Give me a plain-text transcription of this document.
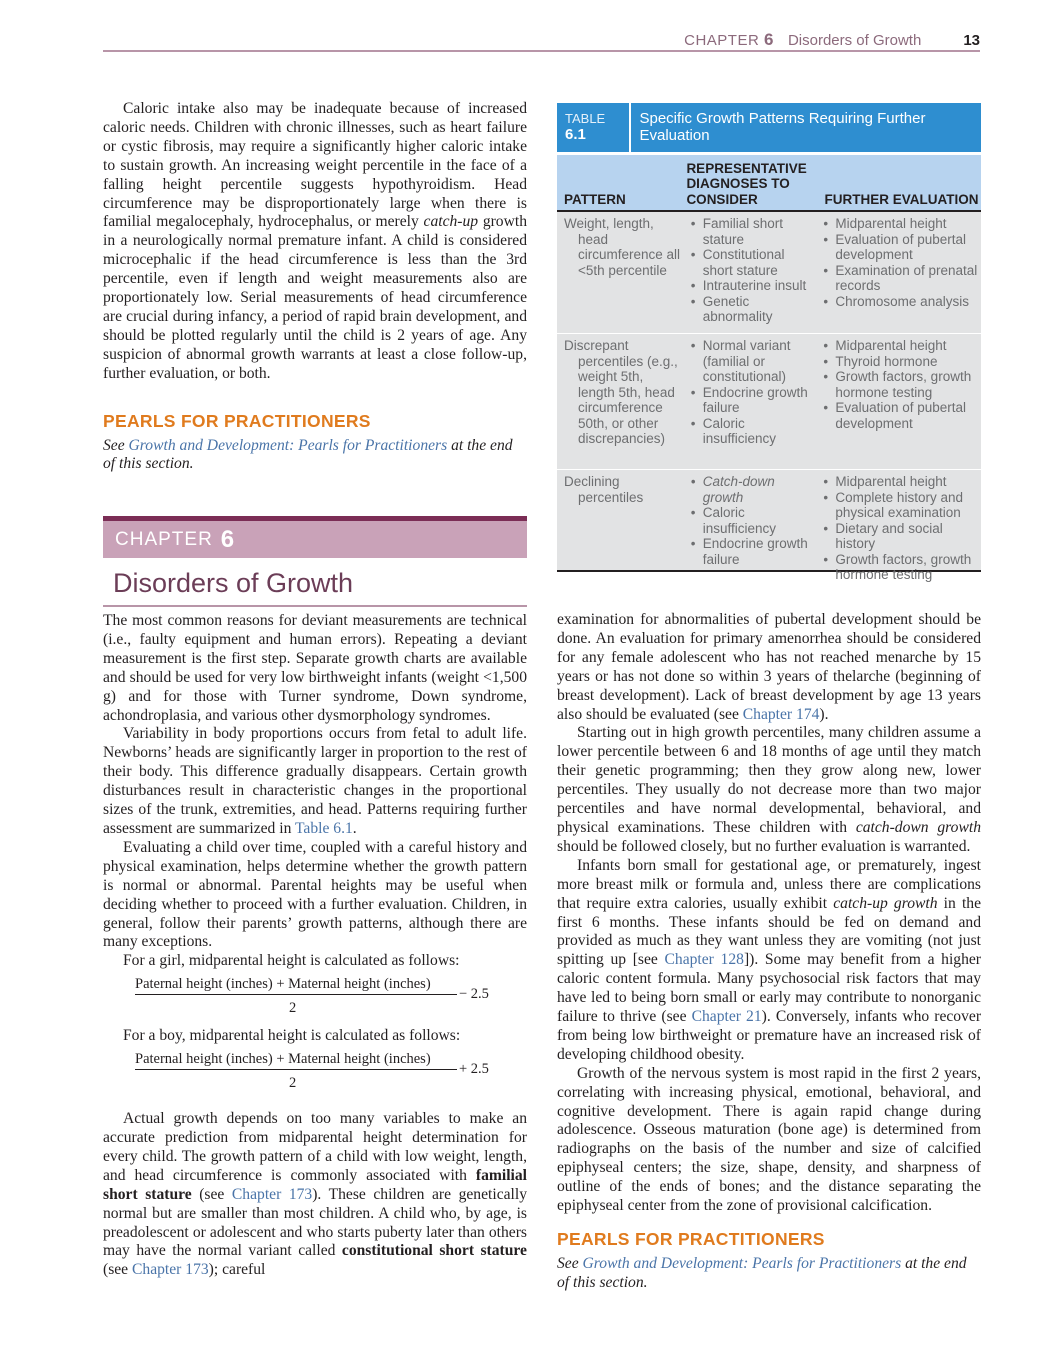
CHAPTER 6 Disorders of Growth	13

Caloric intake also may be inadequate because of increased caloric needs. Children with chronic illnesses, such as heart failure or cystic fibrosis, may require a significantly higher caloric intake to sustain growth. An increasing weight percentile in the face of a falling height percentile suggests hypothyroidism. Head circumference may be disproportionately large when there is familial megalocephaly, hydrocephalus, or merely catch-up growth in a neurologically normal premature infant. A child is considered microcephalic if the head circumference is less than the 3rd percentile, even if length and weight measurements also are proportionately low. Serial measurements of head circumference are crucial during infancy, a period of rapid brain development, and should be plotted regularly until the child is 2 years of age. Any suspicion of abnormal growth warrants at least a close follow-up, further evaluation, or both.

PEARLS FOR PRACTITIONERS

See Growth and Development: Pearls for Practitioners at the end of this section.

CHAPTER 6
Disorders of Growth

The most common reasons for deviant measurements are technical (i.e., faulty equipment and human errors). Repeating a deviant measurement is the first step. Separate growth charts are available and should be used for very low birthweight infants (weight <1,500 g) and for those with Turner syndrome, Down syndrome, achondroplasia, and various other dysmorphology syndromes.

Variability in body proportions occurs from fetal to adult life. Newborns’ heads are significantly larger in proportion to the rest of their body. This difference gradually disappears. Certain growth disturbances result in characteristic changes in the proportional sizes of the trunk, extremities, and head. Patterns requiring further assessment are summarized in Table 6.1.

Evaluating a child over time, coupled with a careful history and physical examination, helps determine whether the growth pattern is normal or abnormal. Parental heights may be useful when deciding whether to proceed with a further evaluation. Children, in general, follow their parents’ growth patterns, although there are many exceptions.

For a girl, midparental height is calculated as follows:

Paternal height (inches) + Maternal height (inches)
2
− 2.5

For a boy, midparental height is calculated as follows:

Paternal height (inches) + Maternal height (inches)
2
+ 2.5

Actual growth depends on too many variables to make an accurate prediction from midparental height determination for every child. The growth pattern of a child with low weight, length, and head circumference is commonly associated with familial short stature (see Chapter 173). These children are genetically normal but are smaller than most children. A child who, by age, is preadolescent or adolescent and who starts puberty later than others may have the normal variant called constitutional short stature (see Chapter 173); careful

TABLE 6.1
Specific Growth Patterns Requiring Further Evaluation
PATTERN
REPRESENTATIVE DIAGNOSES TO CONSIDER	FURTHER EVALUATION
Weight, length, head circumference all <5th percentile
• Familial short stature
• Constitutional short stature
• Intrauterine insult
• Genetic abnormality
• Midparental height
• Evaluation of pubertal development
• Examination of prenatal records
• Chromosome analysis
Discrepant percentiles (e.g., weight 5th, length 5th, head circumference 50th, or other discrepancies)
• Normal variant (familial or constitutional)
• Endocrine growth failure
• Caloric insufficiency
• Midparental height
• Thyroid hormone
• Growth factors, growth hormone testing
• Evaluation of pubertal development
Declining percentiles
• Catch-down growth
• Caloric insufficiency
• Endocrine growth failure
• Midparental height
• Complete history and physical examination
• Dietary and social history
• Growth factors, growth hormone testing

examination for abnormalities of pubertal development should be done. An evaluation for primary amenorrhea should be considered for any female adolescent who has not reached menarche by 15 years or has not done so within 3 years of thelarche (beginning of breast development). Lack of breast development by age 13 years also should be evaluated (see Chapter 174).

Starting out in high growth percentiles, many children assume a lower percentile between 6 and 18 months of age until they match their genetic programming; then they grow along new, lower percentiles. They usually do not decrease more than two major percentiles and have normal developmental, behavioral, and physical examinations. These children with catch-down growth should be followed closely, but no further evaluation is warranted.

Infants born small for gestational age, or prematurely, ingest more breast milk or formula and, unless there are complications that require extra calories, usually exhibit catch-up growth in the first 6 months. These infants should be fed on demand and provided as much as they want unless they are vomiting (not just spitting up [see Chapter 128]). Some may benefit from a higher caloric content formula. Many psychosocial risk factors that may have led to being born small or early may contribute to nonorganic failure to thrive (see Chapter 21). Conversely, infants who recover from being low birthweight or premature have an increased risk of developing childhood obesity.

Growth of the nervous system is most rapid in the first 2 years, correlating with increasing physical, emotional, behavioral, and cognitive development. There is again rapid change during adolescence. Osseous maturation (bone age) is determined from radiographs on the basis of the number and size of calcified epiphyseal centers; the size, shape, density, and sharpness of outline of the ends of bones; and the distance separating the epiphyseal center from the zone of provisional calcification.

PEARLS FOR PRACTITIONERS

See Growth and Development: Pearls for Practitioners at the end of this section.
